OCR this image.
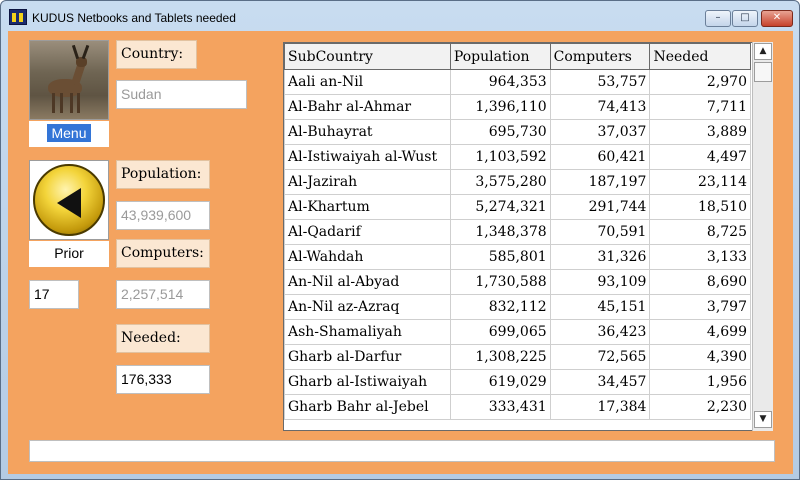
KUDUS Netbooks and Tablets needed	–	□	✕
Menu
Prior
17
Country:
Sudan
Population:
43,939,600
Computers:
2,257,514
Needed:
176,333
SubCountry	Population	Computers	Needed
Aali an-Nil	964,353	53,757	2,970
Al-Bahr al-Ahmar	1,396,110	74,413	7,711
Al-Buhayrat	695,730	37,037	3,889
Al-Istiwaiyah al-Wust	1,103,592	60,421	4,497
Al-Jazirah	3,575,280	187,197	23,114
Al-Khartum	5,274,321	291,744	18,510
Al-Qadarif	1,348,378	70,591	8,725
Al-Wahdah	585,801	31,326	3,133
An-Nil al-Abyad	1,730,588	93,109	8,690
An-Nil az-Azraq	832,112	45,151	3,797
Ash-Shamaliyah	699,065	36,423	4,699
Gharb al-Darfur	1,308,225	72,565	4,390
Gharb al-Istiwaiyah	619,029	34,457	1,956
Gharb Bahr al-Jebel	333,431	17,384	2,230
▲
▼
